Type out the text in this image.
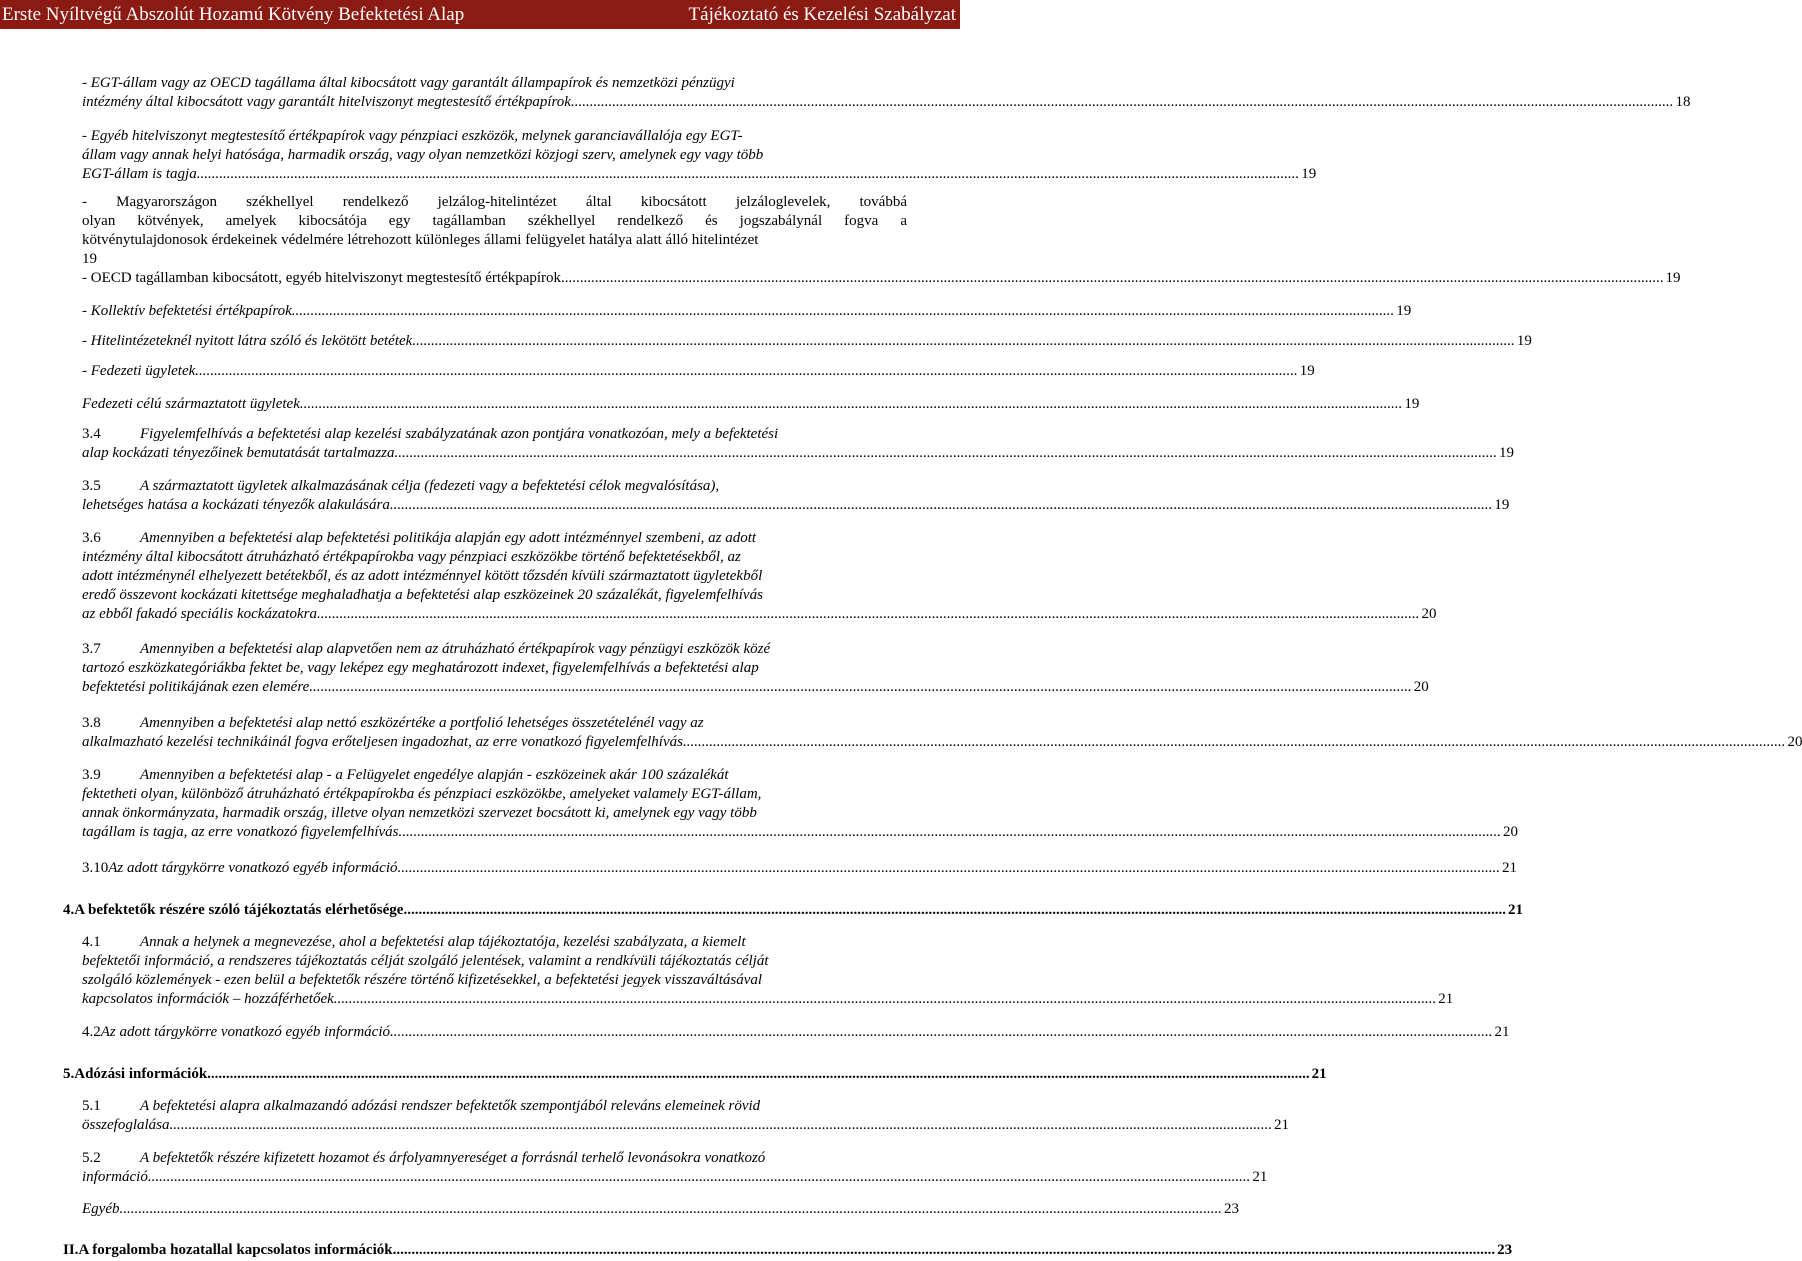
Erste Nyíltvégű Abszolút Hozamú Kötvény Befektetési Alap	Tájékoztató és Kezelési Szabályzat
- EGT-állam vagy az OECD tagállama által kibocsátott vagy garantált állampapírok és nemzetközi pénzügyi
intézmény által kibocsátott vagy garantált hitelviszonyt megtestesítő értékpapírok .....	18
- Egyéb hitelviszonyt megtestesítő értékpapírok vagy pénzpiaci eszközök, melynek garanciavállalója egy EGT-
állam vagy annak helyi hatósága, harmadik ország, vagy olyan nemzetközi közjogi szerv, amelynek egy vagy több
EGT-állam is tagja .....	19
- Magyarországon székhellyel rendelkező jelzálog-hitelintézet által kibocsátott jelzáloglevelek, továbbá
olyan kötvények, amelyek kibocsátója egy tagállamban székhellyel rendelkező és jogszabálynál fogva a
kötvénytulajdonosok érdekeinek védelmére létrehozott különleges állami felügyelet hatálya alatt álló hitelintézet
19
- OECD tagállamban kibocsátott, egyéb hitelviszonyt megtestesítő értékpapírok .....	19
- Kollektív befektetési értékpapírok .....	19
- Hitelintézeteknél nyitott látra szóló és lekötött betétek .....	19
- Fedezeti ügyletek .....	19
Fedezeti célú származtatott ügyletek .....	19
3.4	Figyelemfelhívás a befektetési alap kezelési szabályzatának azon pontjára vonatkozóan, mely a befektetési
alap kockázati tényezőinek bemutatását tartalmazza .....	19
3.5	A származtatott ügyletek alkalmazásának célja (fedezeti vagy a befektetési célok megvalósítása),
lehetséges hatása a kockázati tényezők alakulására .....	19
3.6	Amennyiben a befektetési alap befektetési politikája alapján egy adott intézménnyel szembeni, az adott
intézmény által kibocsátott átruházható értékpapírokba vagy pénzpiaci eszközökbe történő befektetésekből, az
adott intézménynél elhelyezett betétekből, és az adott intézménnyel kötött tőzsdén kívüli származtatott ügyletekből
eredő összevont kockázati kitettsége meghaladhatja a befektetési alap eszközeinek 20 százalékát, figyelemfelhívás
az ebből fakadó speciális kockázatokra .....	20
3.7	Amennyiben a befektetési alap alapvetően nem az átruházható értékpapírok vagy pénzügyi eszközök közé
tartozó eszközkategóriákba fektet be, vagy leképez egy meghatározott indexet, figyelemfelhívás a befektetési alap
befektetési politikájának ezen elemére .....	20
3.8	Amennyiben a befektetési alap nettó eszközértéke a portfolió lehetséges összetételénél vagy az
alkalmazható kezelési technikáinál fogva erőteljesen ingadozhat, az erre vonatkozó figyelemfelhívás .....	20
3.9	Amennyiben a befektetési alap - a Felügyelet engedélye alapján - eszközeinek akár 100 százalékát
fektetheti olyan, különböző átruházható értékpapírokba és pénzpiaci eszközökbe, amelyeket valamely EGT-állam,
annak önkormányzata, harmadik ország, illetve olyan nemzetközi szervezet bocsátott ki, amelynek egy vagy több
tagállam is tagja, az erre vonatkozó figyelemfelhívás .....	20
3.10 Az adott tárgykörre vonatkozó egyéb információ .....	21
4. A befektetők részére szóló tájékoztatás elérhetősége .....	21
4.1	Annak a helynek a megnevezése, ahol a befektetési alap tájékoztatója, kezelési szabályzata, a kiemelt
befektetői információ, a rendszeres tájékoztatás célját szolgáló jelentések, valamint a rendkívüli tájékoztatás célját
szolgáló közlemények - ezen belül a befektetők részére történő kifizetésekkel, a befektetési jegyek visszaváltásával
kapcsolatos információk – hozzáférhetőek .....	21
4.2 Az adott tárgykörre vonatkozó egyéb információ .....	21
5. Adózási információk .....	21
5.1	A befektetési alapra alkalmazandó adózási rendszer befektetők szempontjából releváns elemeinek rövid
összefoglalása .....	21
5.2	A befektetők részére kifizetett hozamot és árfolyamnyereséget a forrásnál terhelő levonásokra vonatkozó
információ .....	21
Egyéb .....	23
II. A forgalomba hozatallal kapcsolatos információk .....	23
